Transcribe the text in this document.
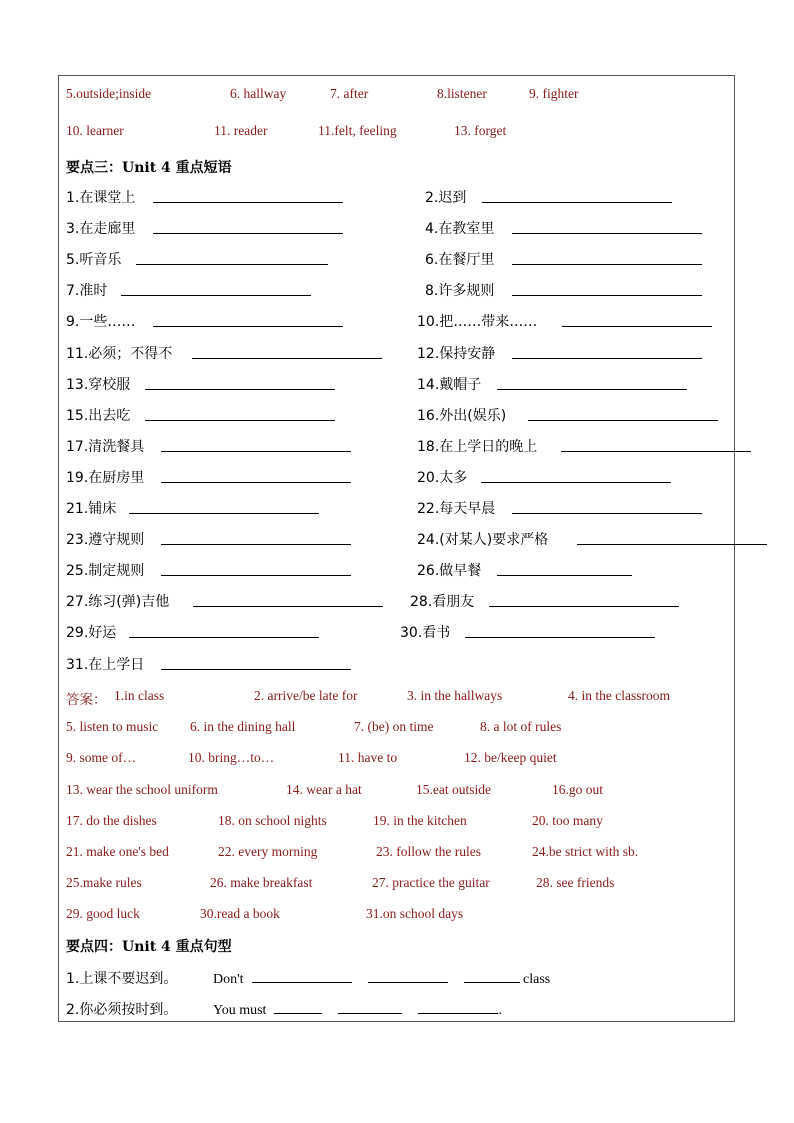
5.outside;inside	6. hallway	7. after	8.listener	9. fighter
10. learner	11. reader	11.felt, feeling	13. forget
要点三：Unit 4 重点短语
1.在课堂上	2.迟到
3.在走廊里	4.在教室里
5.听音乐	6.在餐厅里
7.准时	8.许多规则
9.一些……	10.把……带来……
11.必须；不得不	12.保持安静
13.穿校服	14.戴帽子
15.出去吃	16.外出(娱乐)
17.清洗餐具	18.在上学日的晚上
19.在厨房里	20.太多
21.铺床	22.每天早晨
23.遵守规则	24.(对某人)要求严格
25.制定规则	26.做早餐
27.练习(弹)吉他	28.看朋友
29.好运	30.看书
31.在上学日
答案： 1.in class	2. arrive/be late for	3. in the hallways	4. in the classroom
5. listen to music 6. in the dining hall	7. (be) on time	8. a lot of rules
9. some of…	10. bring…to…	11. have to	12. be/keep quiet
13. wear the school uniform	14. wear a hat	15.eat outside	16.go out
17. do the dishes	18. on school nights	19. in the kitchen	20. too many
21. make one's bed	22. every morning	23. follow the rules	24.be strict with sb.
25.make rules	26. make breakfast	27. practice the guitar	28. see friends
29. good luck	30.read a book	31.on school days
要点四：Unit 4 重点句型
1.上课不要迟到。	Don't	class
2.你必须按时到。	You must	.
